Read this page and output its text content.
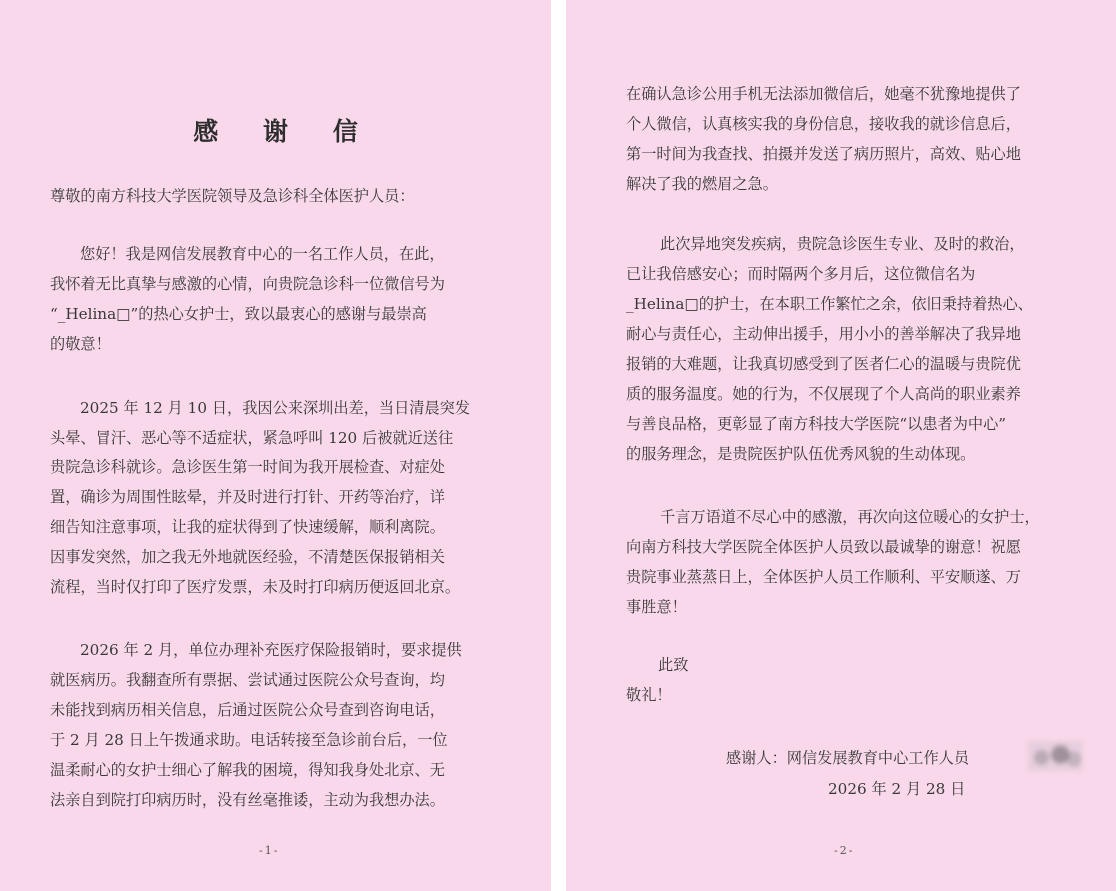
感 谢 信
尊敬的南方科技大学医院领导及急诊科全体医护人员：
您好！我是网信发展教育中心的一名工作人员，在此，
我怀着无比真挚与感激的心情，向贵院急诊科一位微信号为
“_Helina□”的热心女护士，致以最衷心的感谢与最崇高
的敬意！
2025 年 12 月 10 日，我因公来深圳出差，当日清晨突发
头晕、冒汗、恶心等不适症状，紧急呼叫 120 后被就近送往
贵院急诊科就诊。急诊医生第一时间为我开展检查、对症处
置，确诊为周围性眩晕，并及时进行打针、开药等治疗，详
细告知注意事项，让我的症状得到了快速缓解，顺利离院。
因事发突然，加之我无外地就医经验，不清楚医保报销相关
流程，当时仅打印了医疗发票，未及时打印病历便返回北京。
2026 年 2 月，单位办理补充医疗保险报销时，要求提供
就医病历。我翻查所有票据、尝试通过医院公众号查询，均
未能找到病历相关信息，后通过医院公众号查到咨询电话，
于 2 月 28 日上午拨通求助。电话转接至急诊前台后，一位
温柔耐心的女护士细心了解我的困境，得知我身处北京、无
法亲自到院打印病历时，没有丝毫推诿，主动为我想办法。
-1-
在确认急诊公用手机无法添加微信后，她毫不犹豫地提供了
个人微信，认真核实我的身份信息，接收我的就诊信息后，
第一时间为我查找、拍摄并发送了病历照片，高效、贴心地
解决了我的燃眉之急。
此次异地突发疾病，贵院急诊医生专业、及时的救治，
已让我倍感安心；而时隔两个多月后，这位微信名为
_Helina□的护士，在本职工作繁忙之余，依旧秉持着热心、
耐心与责任心，主动伸出援手，用小小的善举解决了我异地
报销的大难题，让我真切感受到了医者仁心的温暖与贵院优
质的服务温度。她的行为，不仅展现了个人高尚的职业素养
与善良品格，更彰显了南方科技大学医院“以患者为中心”
的服务理念，是贵院医护队伍优秀风貌的生动体现。
千言万语道不尽心中的感激，再次向这位暖心的女护士，
向南方科技大学医院全体医护人员致以最诚挚的谢意！祝愿
贵院事业蒸蒸日上，全体医护人员工作顺利、平安顺遂、万
事胜意！
此致
敬礼！
感谢人：网信发展教育中心工作人员
2026 年 2 月 28 日
-2-
